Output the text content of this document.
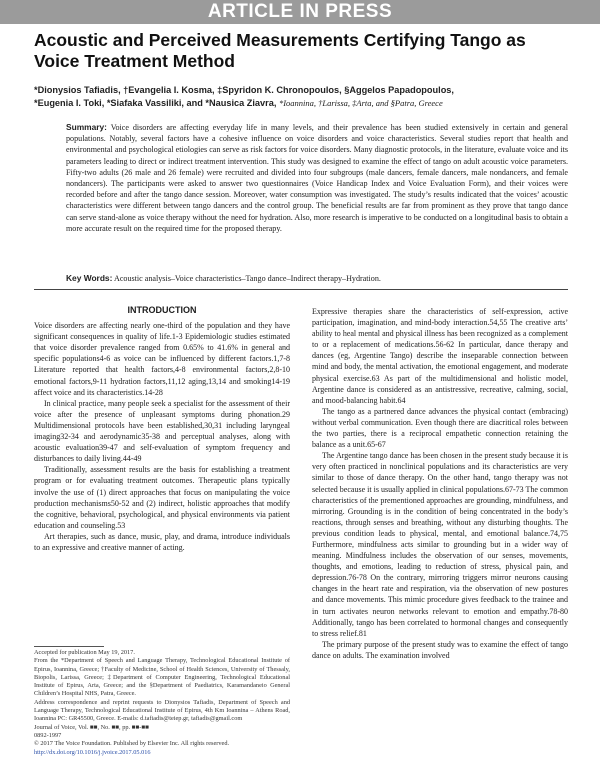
ARTICLE IN PRESS
Acoustic and Perceived Measurements Certifying Tango as Voice Treatment Method
*Dionysios Tafiadis, †Evangelia I. Kosma, ‡Spyridon K. Chronopoulos, §Aggelos Papadopoulos,
*Eugenia I. Toki, *Siafaka Vassiliki, and *Nausica Ziavra, *Ioannina, †Larissa, ‡Arta, and §Patra, Greece
Summary: Voice disorders are affecting everyday life in many levels, and their prevalence has been studied extensively in certain and general populations. Notably, several factors have a cohesive influence on voice disorders and voice characteristics. Several studies report that health and environmental and psychological etiologies can serve as risk factors for voice disorders. Many diagnostic protocols, in the literature, evaluate voice and its parameters leading to direct or indirect treatment intervention. This study was designed to examine the effect of tango on adult acoustic voice parameters. Fifty-two adults (26 male and 26 female) were recruited and divided into four subgroups (male dancers, female dancers, male nondancers, and female nondancers). The participants were asked to answer two questionnaires (Voice Handicap Index and Voice Evaluation Form), and their voices were recorded before and after the tango dance session. Moreover, water consumption was investigated. The study’s results indicated that the voices’ acoustic characteristics were different between tango dancers and the control group. The beneficial results are far from prominent as they prove that tango dance can serve stand-alone as voice therapy without the need for hydration. Also, more research is imperative to be conducted on a longitudinal basis to obtain a more accurate result on the required time for the proposed therapy.
Key Words: Acoustic analysis–Voice characteristics–Tango dance–Indirect therapy–Hydration.
INTRODUCTION

Voice disorders are affecting nearly one-third of the population and they have significant consequences in quality of life.1-3 Epidemiologic studies estimated that voice disorder prevalence ranged from 0.65% to 41.6% in general and specific populations4-6 as voice can be influenced by different factors.1,7-8 Literature reported that health factors,4-8 environmental factors,2,8-10 emotional factors,9-11 hydration factors,11,12 aging,13,14 and smoking14-19 affect voice and its characteristics.14-28

In clinical practice, many people seek a specialist for the assessment of their voice after the presence of unpleasant symptoms during phonation.29 Multidimensional protocols have been established,30,31 including laryngeal imaging32-34 and aerodynamic35-38 and perceptual analyses, along with acoustic evaluation39-47 and self-evaluation of symptom frequency and disturbances to daily living.44-49

Traditionally, assessment results are the basis for establishing a treatment program or for evaluating treatment outcomes. Therapeutic plans typically involve the use of (1) direct approaches that focus on manipulating the voice production mechanisms50-52 and (2) indirect, holistic approaches that modify the cognitive, behavioral, psychological, and physical environments via patient education and counseling.53

Art therapies, such as dance, music, play, and drama, introduce individuals to an expressive and creative manner of acting.

Accepted for publication May 19, 2017.

From the *Department of Speech and Language Therapy, Technological Educational Institute of Epirus, Ioannina, Greece; †Faculty of Medicine, School of Health Sciences, University of Thessaly, Biopolis, Larissa, Greece; ‡Department of Computer Engineering, Technological Educational Institute of Epirus, Arta, Greece; and the §Department of Paediatrics, Karamandaneio General Children’s Hospital NHS, Patra, Greece.

Address correspondence and reprint requests to Dionysios Tafiadis, Department of Speech and Language Therapy, Technological Educational Institute of Epirus, 4th Km Ioannina – Athens Road, Ioannina PC: GR45500, Greece. E-mails: d.tafiadis@teiep.gr, tafiadis@gmail.com

Journal of Voice, Vol. ■■, No. ■■, pp. ■■-■■

0892-1997

© 2017 The Voice Foundation. Published by Elsevier Inc. All rights reserved.

http://dx.doi.org/10.1016/j.jvoice.2017.05.016

Expressive therapies share the characteristics of self-expression, active participation, imagination, and mind-body interaction.54,55 The creative arts’ ability to heal mental and physical illness has been recognized as a complement to or a replacement of medications.56-62 In particular, dance therapy and dances (eg, Argentine Tango) describe the inseparable connection between mind and body, the mental activation, the emotional engagement, and moderate physical exercise.63 As part of the multidimensional and holistic model, Argentine dance is considered as an antistressive, recreative, calming, social, and mood-balancing habit.64

The tango as a partnered dance advances the physical contact (embracing) without verbal communication. Even though there are diacritical roles between the two parties, there is a reciprocal empathetic connection retaining the balance as a unit.65-67

The Argentine tango dance has been chosen in the present study because it is very often practiced in nonclinical populations and its characteristics are very similar to those of dance therapy. On the other hand, tango therapy was not selected because it is usually applied in clinical populations.67-73 The common characteristics of the prementioned approaches are grounding, mindfulness, and mirroring. Grounding is in the condition of being concentrated in the body’s reactions, through senses and breathing, without any disturbing thoughts. The previous condition leads to physical, mental, and emotional balance.74,75 Furthermore, mindfulness acts similar to grounding but in a wider way of meaning. Mindfulness includes the observation of our senses, movements, thoughts, and emotions, leading to reduction of stress, physical pain, and depression.76-78 On the contrary, mirroring triggers mirror neurons causing changes in the heart rate and respiration, via the observation of new postures and dance movements. This mimic procedure gives feedback to the trainee and in turn activates neuron networks relevant to emotion and empathy.78-80 Additionally, tango has been correlated to hormonal changes and consequently to stress relief.81

The primary purpose of the present study was to examine the effect of tango dance on adults. The examination involved
